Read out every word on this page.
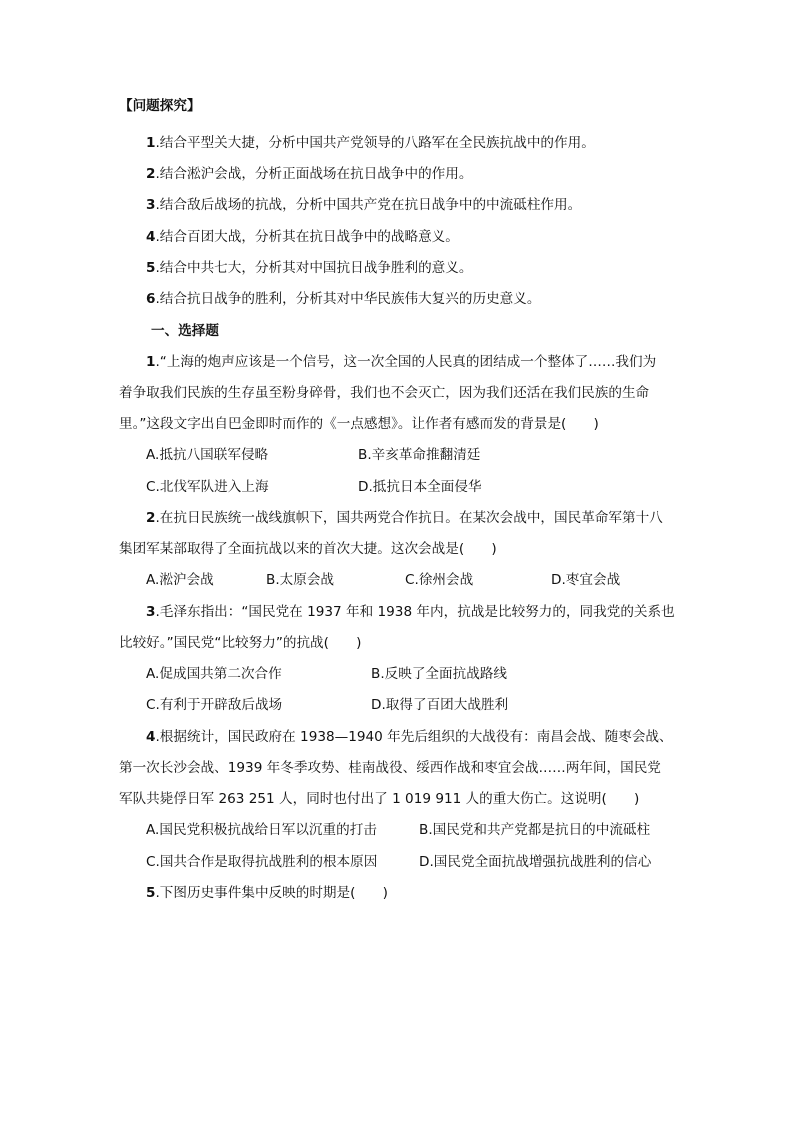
【问题探究】
1.结合平型关大捷，分析中国共产党领导的八路军在全民族抗战中的作用。
2.结合淞沪会战，分析正面战场在抗日战争中的作用。
3.结合敌后战场的抗战，分析中国共产党在抗日战争中的中流砥柱作用。
4.结合百团大战，分析其在抗日战争中的战略意义。
5.结合中共七大，分析其对中国抗日战争胜利的意义。
6.结合抗日战争的胜利，分析其对中华民族伟大复兴的历史意义。
一、选择题
1.“上海的炮声应该是一个信号，这一次全国的人民真的团结成一个整体了……我们为
着争取我们民族的生存虽至粉身碎骨，我们也不会灭亡，因为我们还活在我们民族的生命
里。”这段文字出自巴金即时而作的《一点感想》。让作者有感而发的背景是(　　)
A.抵抗八国联军侵略	B.辛亥革命推翻清廷
C.北伐军队进入上海	D.抵抗日本全面侵华
2.在抗日民族统一战线旗帜下，国共两党合作抗日。在某次会战中，国民革命军第十八
集团军某部取得了全面抗战以来的首次大捷。这次会战是(　　)
A.淞沪会战	B.太原会战	C.徐州会战	D.枣宜会战
3.毛泽东指出：“国民党在 1937 年和 1938 年内，抗战是比较努力的，同我党的关系也
比较好。”国民党“比较努力”的抗战(　　)
A.促成国共第二次合作	B.反映了全面抗战路线
C.有利于开辟敌后战场	D.取得了百团大战胜利
4.根据统计，国民政府在 1938—1940 年先后组织的大战役有：南昌会战、随枣会战、
第一次长沙会战、1939 年冬季攻势、桂南战役、绥西作战和枣宜会战……两年间，国民党
军队共毙俘日军 263 251 人，同时也付出了 1 019 911 人的重大伤亡。这说明(　　)
A.国民党积极抗战给日军以沉重的打击	B.国民党和共产党都是抗日的中流砥柱
C.国共合作是取得抗战胜利的根本原因	D.国民党全面抗战增强抗战胜利的信心
5.下图历史事件集中反映的时期是(　　)
